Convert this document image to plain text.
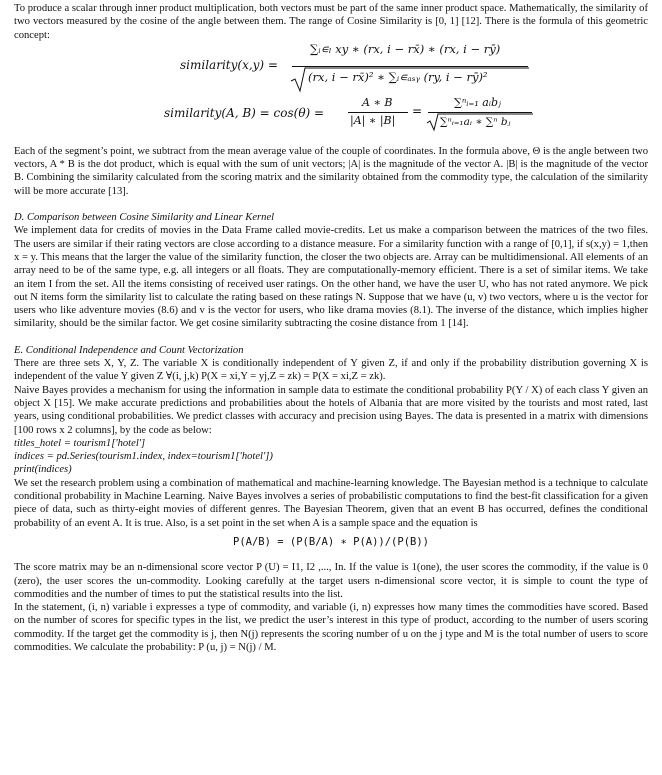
To produce a scalar through inner product multiplication, both vectors must be part of the same inner product space. Mathematically, the similarity of two vectors measured by the cosine of the angle between them. The range of Cosine Similarity is [0, 1] [12]. There is the formula of this geometric concept:

similarity(x,y) =
∑ᵢ∊ₗ xy ∗ (rx, i − rx̄) ∗ (rx, i − rȳ)
(rx, i − rx̄)² ∗ ∑ᵢ∊ₐₛᵧ (ry, i − rȳ)²
similarity(A, B) = cos(θ) =
A ∗ B
|A| ∗ |B|
=
∑ⁿᵢ₌₁ aᵢbⱼ
∑ⁿᵢ₌₁aᵢ ∗ ∑ⁿ bⱼ

Each of the segment’s point, we subtract from the mean average value of the couple of coordinates. In the formula above, Θ is the angle between two vectors, A * B is the dot product, which is equal with the sum of unit vectors; |A| is the magnitude of the vector A. |B| is the magnitude of the vector B. Combining the similarity calculated from the scoring matrix and the similarity obtained from the commodity type, the calculation of the similarity will be more accurate [13].

D. Comparison between Cosine Similarity and Linear Kernel

We implement data for credits of movies in the Data Frame called movie-credits. Let us make a comparison between the matrices of the two files. The users are similar if their rating vectors are close according to a distance measure. For a similarity function with a range of [0,1], if s(x,y) = 1,then x = y. This means that the larger the value of the similarity function, the closer the two objects are. Array can be multidimensional. All elements of an array need to be of the same type, e.g. all integers or all floats. They are computationally-memory efficient. There is a set of similar items. We take an item I from the set. All the items consisting of received user ratings. On the other hand, we have the user U, who has not rated anymore. We pick out N items form the similarity list to calculate the rating based on these ratings N. Suppose that we have (u, v) two vectors, where u is the vector for users who like adventure movies (8.6) and v is the vector for users, who like drama movies (8.1). The inverse of the distance, which implies higher similarity, should be the similar factor. We get cosine similarity subtracting the cosine distance from 1 [14].

E. Conditional Independence and Count Vectorization

There are three sets X, Y, Z. The variable X is conditionally independent of Y given Z, if and only if the probability distribution governing X is independent of the value Y given Z ∀(i, j,k) P(X = xi,Y = yj,Z = zk) = P(X = xi,Z = zk).

Naive Bayes provides a mechanism for using the information in sample data to estimate the conditional probability P(Y / X) of each class Y given an object X [15]. We make accurate predictions and probabilities about the hotels of Albania that are more visited by the tourists and most rated, last years, using conditional probabilities. We predict classes with accuracy and precision using Bayes. The data is presented in a matrix with dimensions [100 rows x 2 columns], by the code as below:

titles_hotel = tourism1['hotel']

indices = pd.Series(tourism1.index, index=tourism1['hotel'])

print(indices)

We set the research problem using a combination of mathematical and machine-learning knowledge. The Bayesian method is a technique to calculate conditional probability in Machine Learning. Naive Bayes involves a series of probabilistic computations to find the best-fit classification for a given piece of data, such as thirty-eight movies of different genres. The Bayesian Theorem, given that an event B has occurred, defines the conditional probability of an event A. It is true. Also, is a set point in the set when A is a sample space and the equation is

P(A/B) = (P(B/A) ∗ P(A))/(P(B))

The score matrix may be an n-dimensional score vector P (U) = I1, I2 ,..., In. If the value is 1(one), the user scores the commodity, if the value is 0 (zero), the user scores the un-commodity. Looking carefully at the target users n-dimensional score vector, it is simple to count the type of commodities and the number of times to put the statistical results into the list.

In the statement, (i, n) variable i expresses a type of commodity, and variable (i, n) expresses how many times the commodities have scored. Based on the number of scores for specific types in the list, we predict the user’s interest in this type of product, according to the number of users scoring commodity. If the target get the commodity is j, then N(j) represents the scoring number of u on the j type and M is the total number of users to score commodities. We calculate the probability: P (u, j) = N(j) / M.
